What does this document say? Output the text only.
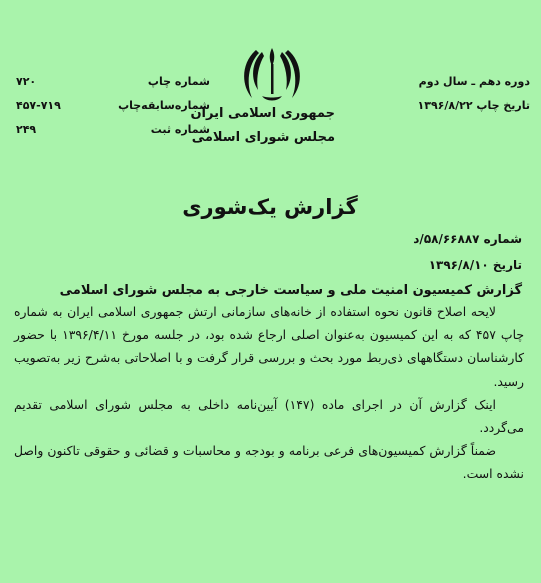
دوره دهم ـ سال دوم
تاریخ چاپ ۱۳۹۶/۸/۲۲
شماره چاپ
شماره‌سابقه‌چاپ
شماره ثبت
۷۲۰
۴۵۷-۷۱۹
۲۴۹
جمهوری اسلامی ایران
مجلس شورای اسلامی
گزارش یک‌شوری
شماره ۵۸/۶۶۸۸۷/د
تاریخ ۱۳۹۶/۸/۱۰
گزارش کمیسیون امنیت ملی و سیاست خارجی به مجلس شورای اسلامی

لایحه اصلاح قانون نحوه استفاده از خانه‌های سازمانی ارتش جمهوری اسلامی ایران به شماره چاپ ۴۵۷ که به این کمیسیون به‌عنوان اصلی ارجاع شده بود، در جلسه مورخ ۱۳۹۶/۴/۱۱ با حضور کارشناسان دستگاههای ذی‌ربط مورد بحث و بررسی قرار گرفت و با اصلاحاتی به‌شرح زیر به‌تصویب رسید.

اینک گزارش آن در اجرای ماده (۱۴۷) آیین‌نامه داخلی به مجلس شورای اسلامی تقدیم می‌گردد.

ضمناً گزارش کمیسیون‌های فرعی برنامه و بودجه و محاسبات و قضائی و حقوقی تاکنون واصل نشده است.
